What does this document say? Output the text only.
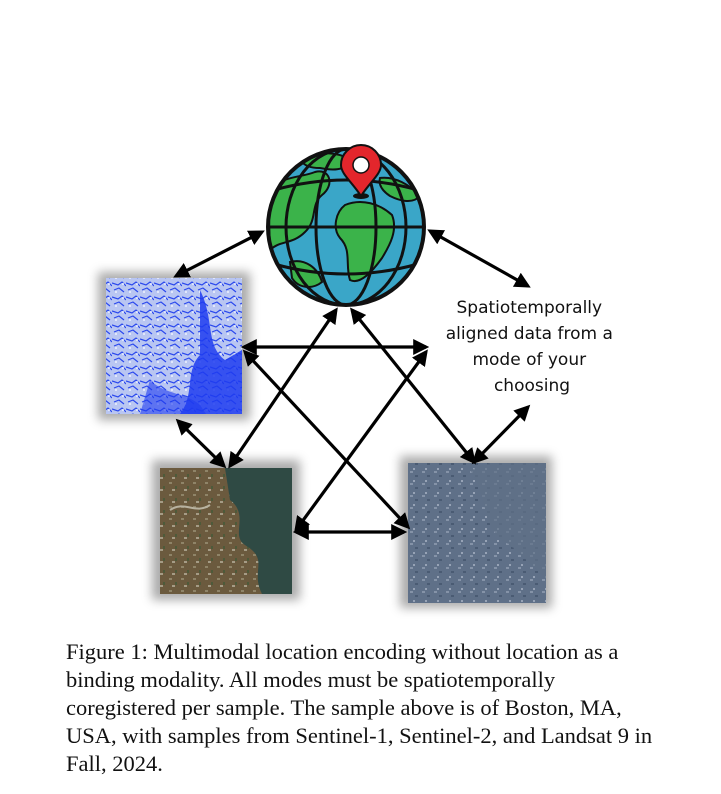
Spatiotemporally aligned data from a mode of your choosing

Figure 1: Multimodal location encoding without location as a binding modality. All modes must be spatiotemporally coregistered per sample. The sample above is of Boston, MA, USA, with samples from Sentinel-1, Sentinel-2, and Landsat 9 in Fall, 2024.
